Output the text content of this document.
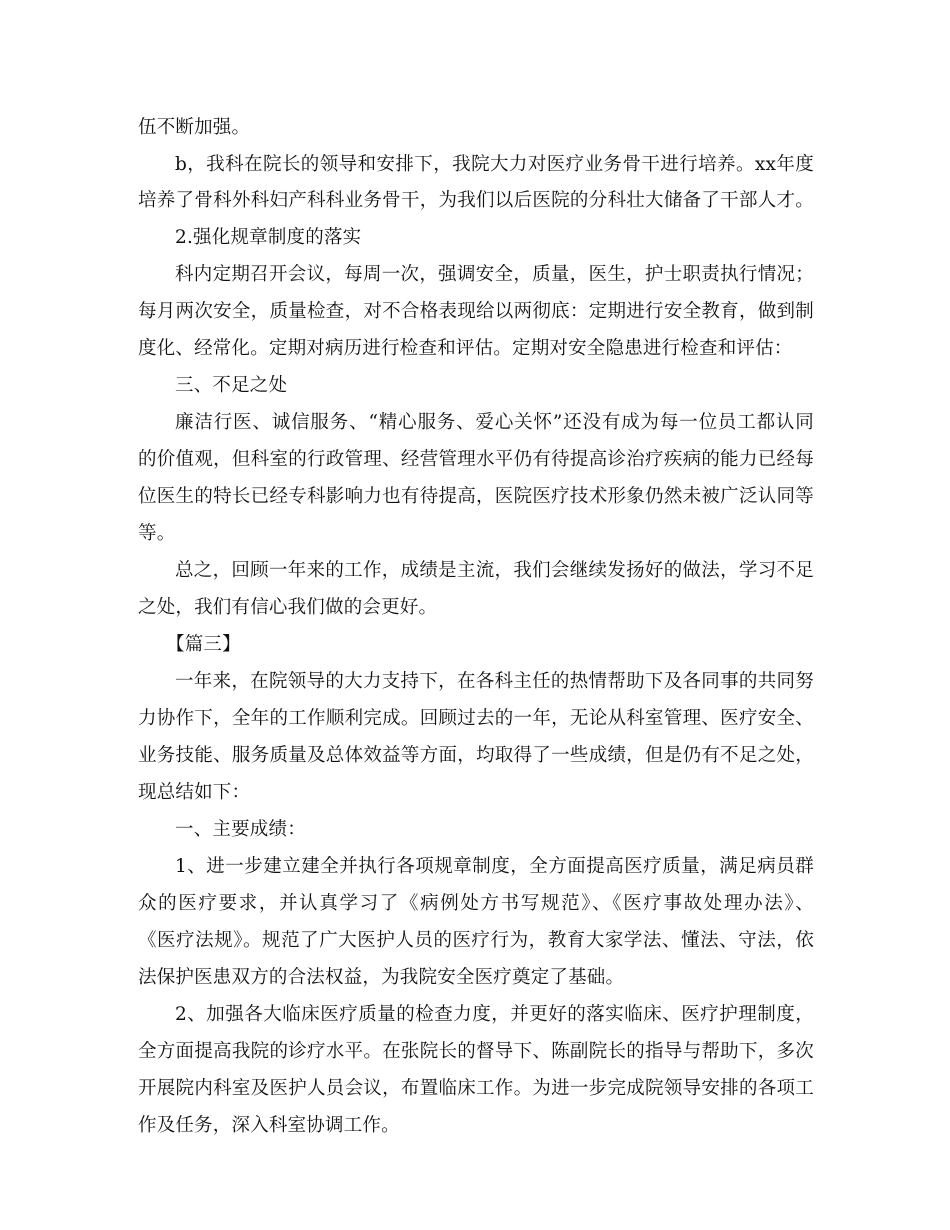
伍不断加强。
b，我科在院长的领导和安排下，我院大力对医疗业务骨干进行培养。xx年度
培养了骨科外科妇产科科业务骨干，为我们以后医院的分科壮大储备了干部人才。
2.强化规章制度的落实
科内定期召开会议，每周一次，强调安全，质量，医生，护士职责执行情况；
每月两次安全，质量检查，对不合格表现给以两彻底：定期进行安全教育，做到制
度化、经常化。定期对病历进行检查和评估。定期对安全隐患进行检查和评估：
三、不足之处
廉洁行医、诚信服务、“精心服务、爱心关怀”还没有成为每一位员工都认同
的价值观，但科室的行政管理、经营管理水平仍有待提高诊治疗疾病的能力已经每
位医生的特长已经专科影响力也有待提高，医院医疗技术形象仍然未被广泛认同等
等。
总之，回顾一年来的工作，成绩是主流，我们会继续发扬好的做法，学习不足
之处，我们有信心我们做的会更好。
【篇三】
一年来，在院领导的大力支持下，在各科主任的热情帮助下及各同事的共同努
力协作下，全年的工作顺利完成。回顾过去的一年，无论从科室管理、医疗安全、
业务技能、服务质量及总体效益等方面，均取得了一些成绩，但是仍有不足之处，
现总结如下：
一、主要成绩：
1、进一步建立建全并执行各项规章制度，全方面提高医疗质量，满足病员群
众的医疗要求，并认真学习了《病例处方书写规范》、《医疗事故处理办法》、
《医疗法规》。规范了广大医护人员的医疗行为，教育大家学法、懂法、守法，依
法保护医患双方的合法权益，为我院安全医疗奠定了基础。
2、加强各大临床医疗质量的检查力度，并更好的落实临床、医疗护理制度，
全方面提高我院的诊疗水平。在张院长的督导下、陈副院长的指导与帮助下，多次
开展院内科室及医护人员会议，布置临床工作。为进一步完成院领导安排的各项工
作及任务，深入科室协调工作。
